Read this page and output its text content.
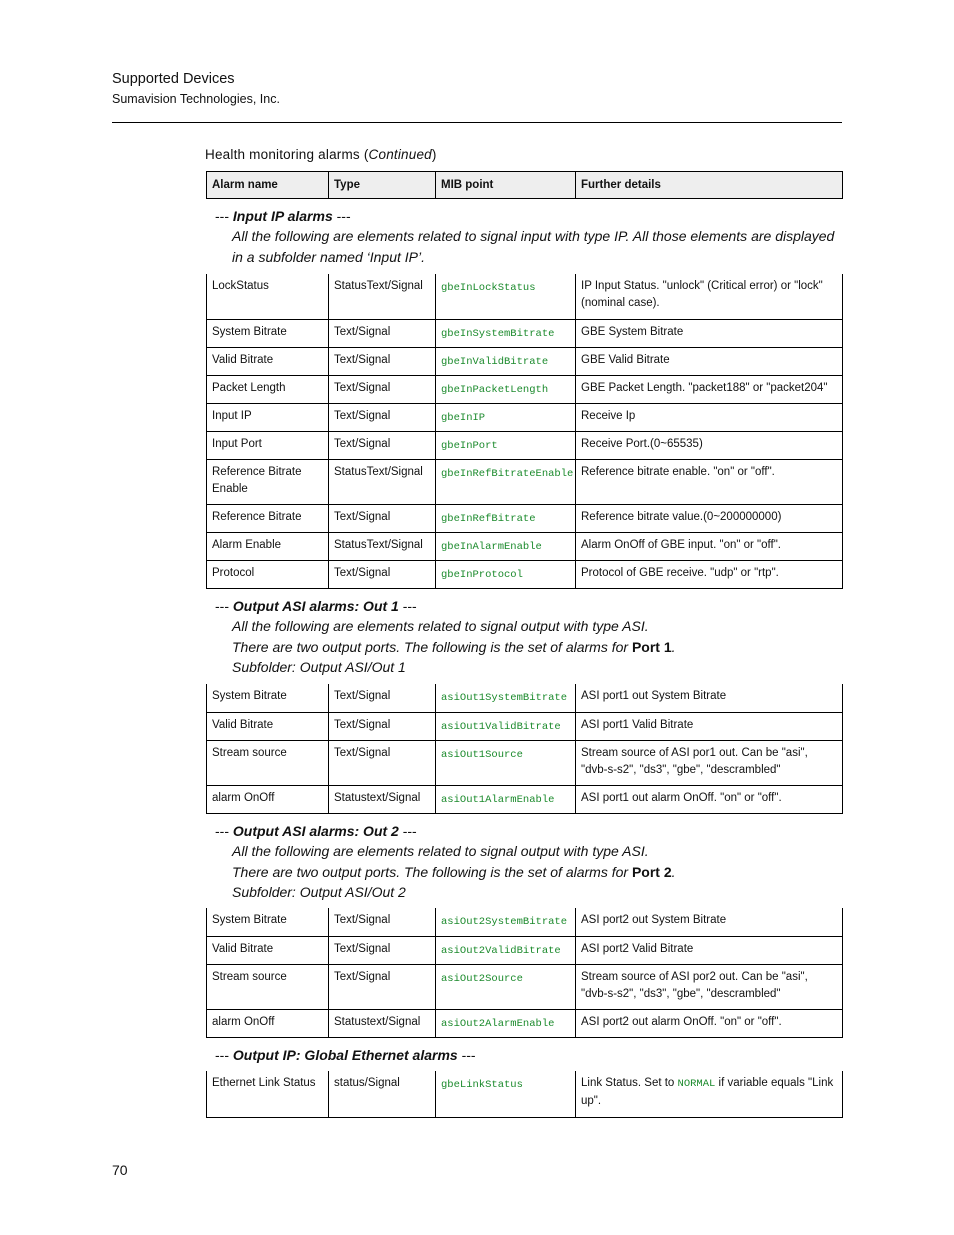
Supported Devices
Sumavision Technologies, Inc.
Health monitoring alarms (Continued)
Alarm name	Type	MIB point	Further details
--- Input IP alarms ---
All the following are elements related to signal input with type IP. All those elements are displayed in a subfolder named ‘Input IP’.
LockStatus	StatusText/Signal	gbeInLockStatus	IP Input Status. "unlock" (Critical error) or "lock" (nominal case).
System Bitrate	Text/Signal	gbeInSystemBitrate	GBE System Bitrate
Valid Bitrate	Text/Signal	gbeInValidBitrate	GBE Valid Bitrate
Packet Length	Text/Signal	gbeInPacketLength	GBE Packet Length. "packet188" or "packet204"
Input IP	Text/Signal	gbeInIP	Receive Ip
Input Port	Text/Signal	gbeInPort	Receive Port.(0~65535)
Reference Bitrate Enable	StatusText/Signal	gbeInRefBitrateEnable	Reference bitrate enable. "on" or "off".
Reference Bitrate	Text/Signal	gbeInRefBitrate	Reference bitrate value.(0~200000000)
Alarm Enable	StatusText/Signal	gbeInAlarmEnable	Alarm OnOff of GBE input. "on" or "off".
Protocol	Text/Signal	gbeInProtocol	Protocol of GBE receive. "udp" or "rtp".
--- Output ASI alarms: Out 1 ---
All the following are elements related to signal output with type ASI.
There are two output ports. The following is the set of alarms for Port 1.
Subfolder: Output ASI/Out 1
System Bitrate	Text/Signal	asiOut1SystemBitrate	ASI port1 out System Bitrate
Valid Bitrate	Text/Signal	asiOut1ValidBitrate	ASI port1 Valid Bitrate
Stream source	Text/Signal	asiOut1Source	Stream source of ASI por1 out. Can be "asi", "dvb-s-s2", "ds3", "gbe", "descrambled"
alarm OnOff	Statustext/Signal	asiOut1AlarmEnable	ASI port1 out alarm OnOff. "on" or "off".
--- Output ASI alarms: Out 2 ---
All the following are elements related to signal output with type ASI.
There are two output ports. The following is the set of alarms for Port 2.
Subfolder: Output ASI/Out 2
System Bitrate	Text/Signal	asiOut2SystemBitrate	ASI port2 out System Bitrate
Valid Bitrate	Text/Signal	asiOut2ValidBitrate	ASI port2 Valid Bitrate
Stream source	Text/Signal	asiOut2Source	Stream source of ASI por2 out. Can be "asi", "dvb-s-s2", "ds3", "gbe", "descrambled"
alarm OnOff	Statustext/Signal	asiOut2AlarmEnable	ASI port2 out alarm OnOff. "on" or "off".
--- Output IP: Global Ethernet alarms ---
Ethernet Link Status	status/Signal	gbeLinkStatus	Link Status. Set to NORMAL if variable equals "Link up".
70
